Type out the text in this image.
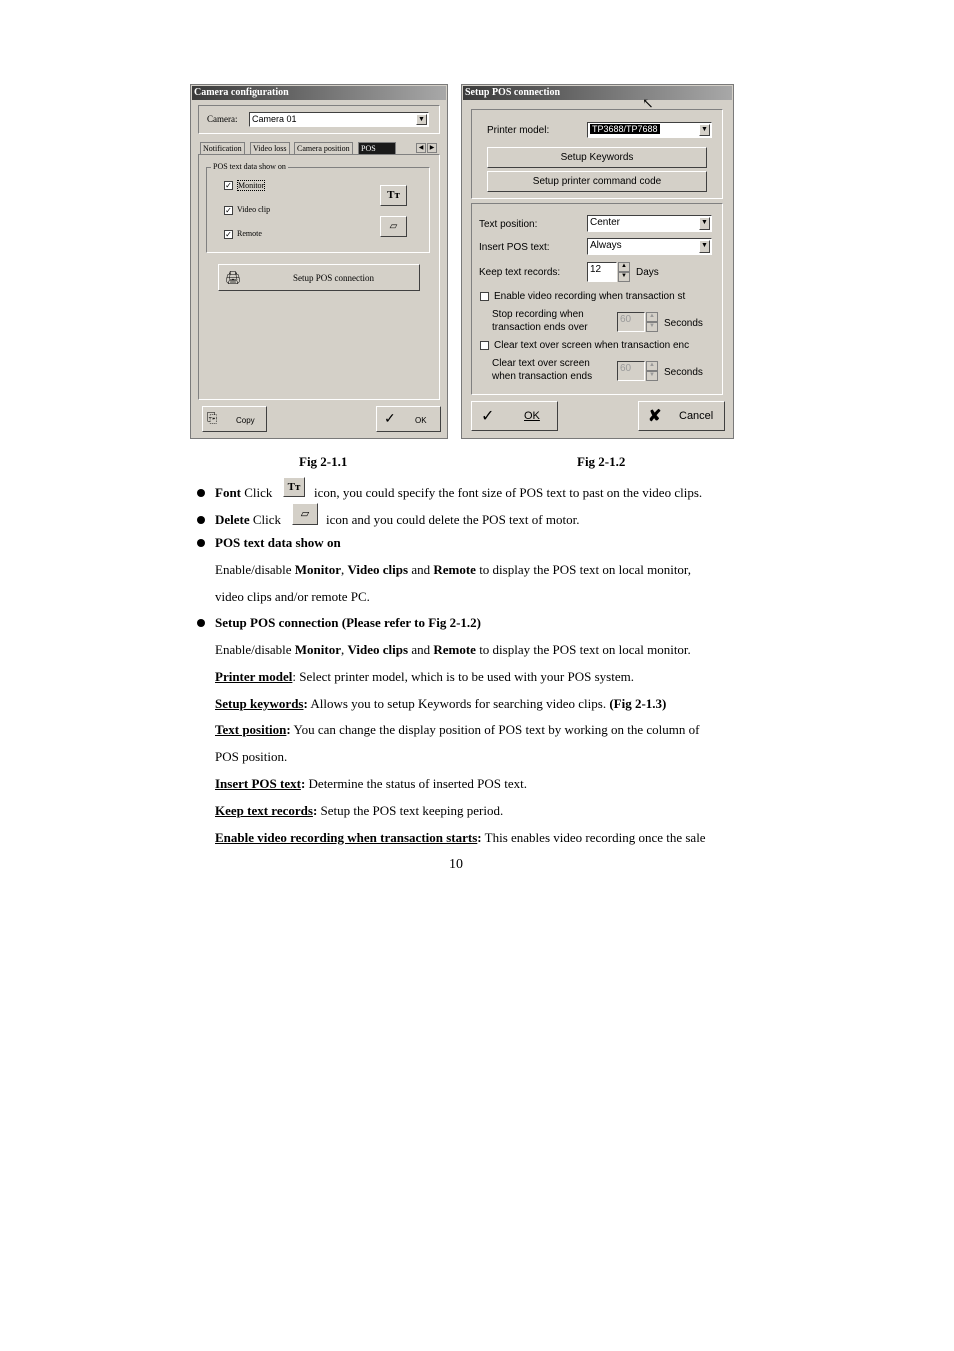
Camera configuration
Camera:	Camera 01	▼
Notification	Video loss	Camera position	POS	◀	▶
POS text data show on
✓ Monitor
✓ Video clip
✓ Remote
Tт
▱
🖨	Setup POS connection
⎘ Copy	✓ OK
Setup POS connection
↖
Printer model:	TP3688/TP7688	▼
Setup Keywords
Setup printer command code
Text position:	Center	▼
Insert POS text:	Always	▼
Keep text records:	12	▲
▼ Days
Enable video recording when transaction st
Stop recording when
transaction ends over
60	▲
▼ Seconds
Clear text over screen when transaction enc
Clear text over screen
when transaction ends
60	▲
▼ Seconds
✓	OK	✘ Cancel
Fig 2-1.1	Fig 2-1.2
Font Click	Tт	icon, you could specify the font size of POS text to past on the video clips.
Delete Click	▱	icon and you could delete the POS text of motor.
POS text data show on
Enable/disable Monitor, Video clips and Remote to display the POS text on local monitor,
video clips and/or remote PC.
Setup POS connection (Please refer to Fig 2-1.2)
Enable/disable Monitor, Video clips and Remote to display the POS text on local monitor.
Printer model: Select printer model, which is to be used with your POS system.
Setup keywords: Allows you to setup Keywords for searching video clips. (Fig 2-1.3)
Text position: You can change the display position of POS text by working on the column of
POS position.
Insert POS text: Determine the status of inserted POS text.
Keep text records: Setup the POS text keeping period.
Enable video recording when transaction starts: This enables video recording once the sale
10
